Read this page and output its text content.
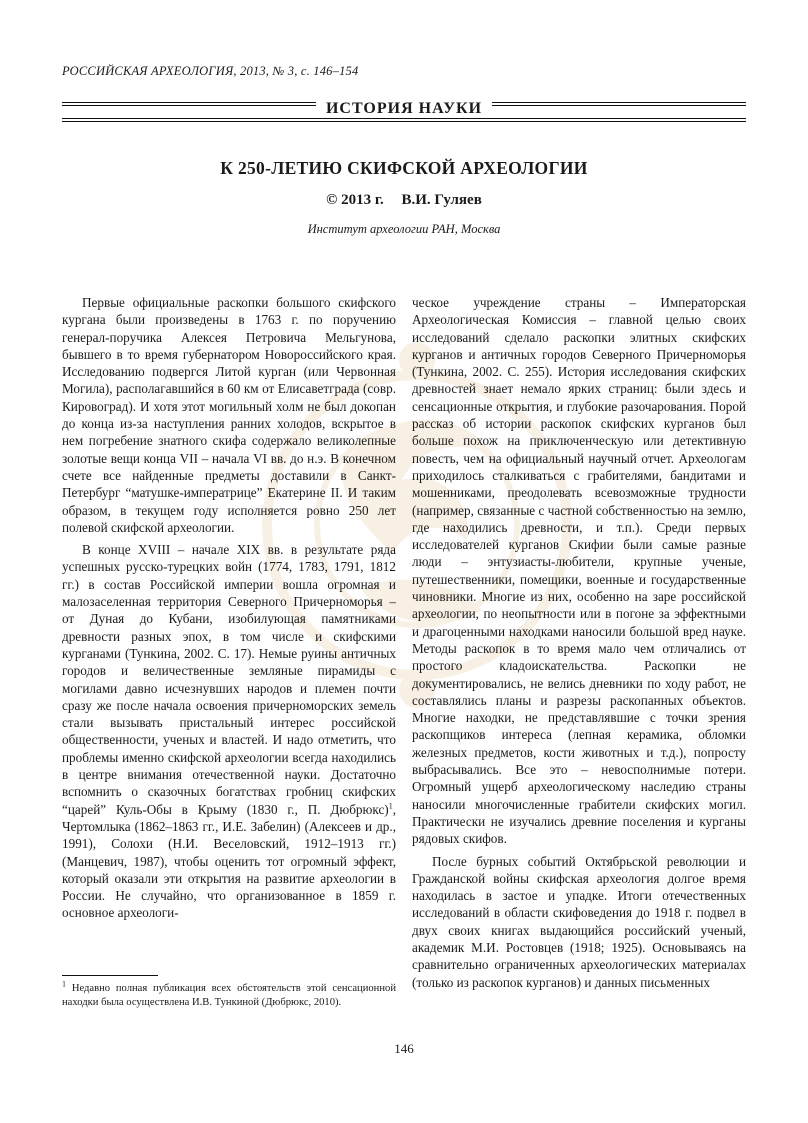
РОССИЙСКАЯ АРХЕОЛОГИЯ, 2013, № 3, с. 146–154
ИСТОРИЯ НАУКИ
К 250-ЛЕТИЮ СКИФСКОЙ АРХЕОЛОГИИ
© 2013 г. В.И. Гуляев
Институт археологии РАН, Москва

Первые официальные раскопки большого скифского кургана были произведены в 1763 г. по поручению генерал-поручика Алексея Петровича Мельгунова, бывшего в то время губернатором Новороссийского края. Исследованию подвергся Литой курган (или Червонная Могила), располагавшийся в 60 км от Елисаветграда (совр. Кировоград). И хотя этот могильный холм не был докопан до конца из-за наступления ранних холодов, вскрытое в нем погребение знатного скифа содержало великолепные золотые вещи конца VII – начала VI вв. до н.э. В конечном счете все найденные предметы доставили в Санкт-Петербург “матушке-императрице” Екатерине II. И таким образом, в текущем году исполняется ровно 250 лет полевой скифской археологии.

В конце XVIII – начале XIX вв. в результате ряда успешных русско-турецких войн (1774, 1783, 1791, 1812 гг.) в состав Российской империи вошла огромная и малозаселенная территория Северного Причерноморья – от Дуная до Кубани, изобилующая памятниками древности разных эпох, в том числе и скифскими курганами (Тункина, 2002. С. 17). Немые руины античных городов и величественные земляные пирамиды с могилами давно исчезнувших народов и племен почти сразу же после начала освоения причерноморских земель стали вызывать пристальный интерес российской общественности, ученых и властей. И надо отметить, что проблемы именно скифской археологии всегда находились в центре внимания отечественной науки. Достаточно вспомнить о сказочных богатствах гробниц скифских “царей” Куль-Обы в Крыму (1830 г., П. Дюбрюкс)$^1$, Чертомлыка (1862–1863 гг., И.Е. Забелин) (Алексеев и др., 1991), Солохи (Н.И. Веселовский, 1912–1913 гг.) (Манцевич, 1987), чтобы оценить тот огромный эффект, который оказали эти открытия на развитие археологии в России. Не случайно, что организованное в 1859 г. основное археологи-

ческое учреждение страны – Императорская Археологическая Комиссия – главной целью своих исследований сделало раскопки элитных скифских курганов и античных городов Северного Причерноморья (Тункина, 2002. С. 255). История исследования скифских древностей знает немало ярких страниц: были здесь и сенсационные открытия, и глубокие разочарования. Порой рассказ об истории раскопок скифских курганов был больше похож на приключенческую или детективную повесть, чем на официальный научный отчет. Археологам приходилось сталкиваться с грабителями, бандитами и мошенниками, преодолевать всевозможные трудности (например, связанные с частной собственностью на землю, где находились древности, и т.п.). Среди первых исследователей курганов Скифии были самые разные люди – энтузиасты-любители, крупные ученые, путешественники, помещики, военные и государственные чиновники. Многие из них, особенно на заре российской археологии, по неопытности или в погоне за эффектными и драгоценными находками наносили большой вред науке. Методы раскопок в то время мало чем отличались от простого кладоискательства. Раскопки не документировались, не велись дневники по ходу работ, не составлялись планы и разрезы раскопанных объектов. Многие находки, не представлявшие с точки зрения раскопщиков интереса (лепная керамика, обломки железных предметов, кости животных и т.д.), попросту выбрасывались. Все это – невосполнимые потери. Огромный ущерб археологическому наследию страны наносили многочисленные грабители скифских могил. Практически не изучались древние поселения и курганы рядовых скифов.

После бурных событий Октябрьской революции и Гражданской войны скифская археология долгое время находилась в застое и упадке. Итоги отечественных исследований в области скифоведения до 1918 г. подвел в двух своих книгах выдающийся российский ученый, академик М.И. Ростовцев (1918; 1925). Основываясь на сравнительно ограниченных археологических материалах (только из раскопок курганов) и данных письменных

$^1$ Недавно полная публикация всех обстоятельств этой сенсационной находки была осуществлена И.В. Тункиной (Дюбрюкс, 2010).
146
